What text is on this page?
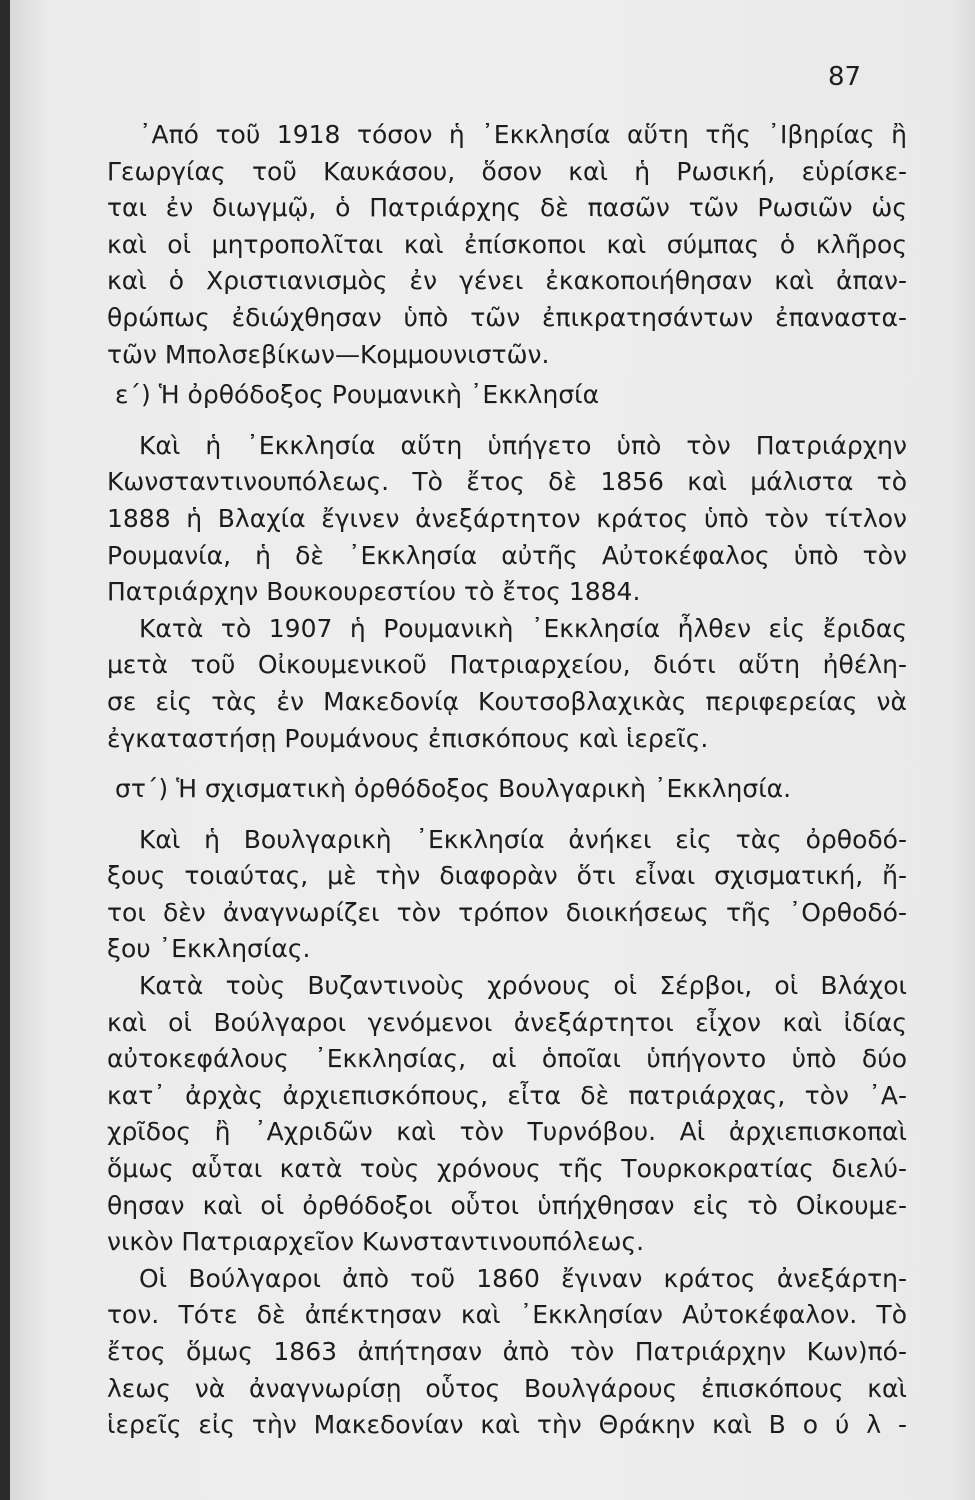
87
᾽Από τοῦ 1918 τόσον ἡ ᾽Εκκλησία αὕτη τῆς ᾽Ιβηρίας ἢ
Γεωργίας τοῦ Καυκάσου, ὅσον καὶ ἡ Ρωσική, εὑρίσκε-
ται ἐν διωγμῷ, ὁ Πατριάρχης δὲ πασῶν τῶν Ρωσιῶν ὡς
καὶ οἱ μητροπολῖται καὶ ἐπίσκοποι καὶ σύμπας ὁ κλῆρος
καὶ ὁ Χριστιανισμὸς ἐν γένει ἐκακοποιήθησαν καὶ ἀπαν-
θρώπως ἐδιώχθησαν ὑπὸ τῶν ἐπικρατησάντων ἐπαναστα-
τῶν Μπολσεβίκων—Κομμουνιστῶν.
ε´) Ἡ ὀρθόδοξος Ρουμανικὴ ᾽Εκκλησία
Καὶ ἡ ᾽Εκκλησία αὕτη ὑπήγετο ὑπὸ τὸν Πατριάρχην
Κωνσταντινουπόλεως. Τὸ ἔτος δὲ 1856 καὶ μάλιστα τὸ
1888 ἡ Βλαχία ἔγινεν ἀνεξάρτητον κράτος ὑπὸ τὸν τίτλον
Ρουμανία, ἡ δὲ ᾽Εκκλησία αὐτῆς Αὐτοκέφαλος ὑπὸ τὸν
Πατριάρχην Βουκουρεστίου τὸ ἔτος 1884.
Κατὰ τὸ 1907 ἡ Ρουμανικὴ ᾽Εκκλησία ἦλθεν εἰς ἔριδας
μετὰ τοῦ Οἰκουμενικοῦ Πατριαρχείου, διότι αὕτη ἠθέλη-
σε εἰς τὰς ἐν Μακεδονίᾳ Κουτσοβλαχικὰς περιφερείας νὰ
ἐγκαταστήσῃ Ρουμάνους ἐπισκόπους καὶ ἱερεῖς.
στ´) Ἡ σχισματικὴ ὀρθόδοξος Βουλγαρικὴ ᾽Εκκλησία.
Καὶ ἡ Βουλγαρικὴ ᾽Εκκλησία ἀνήκει εἰς τὰς ὀρθοδό-
ξους τοιαύτας, μὲ τὴν διαφορὰν ὅτι εἶναι σχισματική, ἤ-
τοι δὲν ἀναγνωρίζει τὸν τρόπον διοικήσεως τῆς ᾽Ορθοδό-
ξου ᾽Εκκλησίας.
Κατὰ τοὺς Βυζαντινοὺς χρόνους οἱ Σέρβοι, οἱ Βλάχοι
καὶ οἱ Βούλγαροι γενόμενοι ἀνεξάρτητοι εἶχον καὶ ἰδίας
αὐτοκεφάλους ᾽Εκκλησίας, αἱ ὁποῖαι ὑπήγοντο ὑπὸ δύο
κατ᾽ ἀρχὰς ἀρχιεπισκόπους, εἶτα δὲ πατριάρχας, τὸν ᾽Α-
χρῖδος ἢ ᾽Αχριδῶν καὶ τὸν Τυρνόβου. Αἱ ἀρχιεπισκοπαὶ
ὅμως αὗται κατὰ τοὺς χρόνους τῆς Τουρκοκρατίας διελύ-
θησαν καὶ οἱ ὀρθόδοξοι οὗτοι ὑπήχθησαν εἰς τὸ Οἰκουμε-
νικὸν Πατριαρχεῖον Κωνσταντινουπόλεως.
Οἱ Βούλγαροι ἀπὸ τοῦ 1860 ἔγιναν κράτος ἀνεξάρτη-
τον. Τότε δὲ ἀπέκτησαν καὶ ᾽Εκκλησίαν Αὐτοκέφαλον. Τὸ
ἔτος ὅμως 1863 ἀπήτησαν ἀπὸ τὸν Πατριάρχην Κων)πό-
λεως νὰ ἀναγνωρίσῃ οὗτος Βουλγάρους ἐπισκόπους καὶ
ἱερεῖς εἰς τὴν Μακεδονίαν καὶ τὴν Θράκην καὶ Β ο ύ λ -
